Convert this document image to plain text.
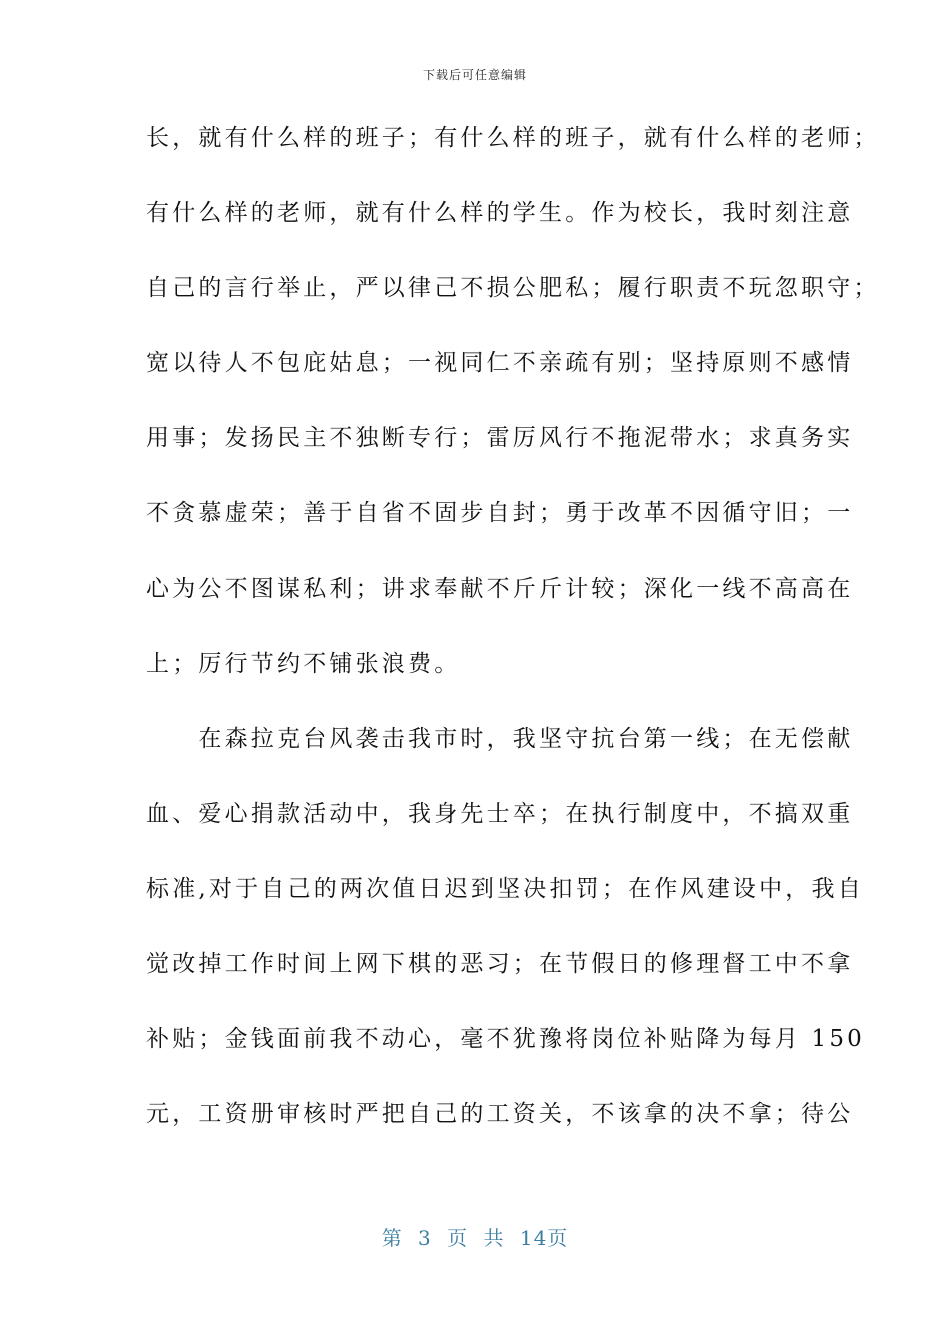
下载后可任意编辑
长，就有什么样的班子；有什么样的班子，就有什么样的老师；
有什么样的老师，就有什么样的学生。作为校长，我时刻注意
自己的言行举止，严以律己不损公肥私；履行职责不玩忽职守；
宽以待人不包庇姑息；一视同仁不亲疏有别；坚持原则不感情
用事；发扬民主不独断专行；雷厉风行不拖泥带水；求真务实
不贪慕虚荣；善于自省不固步自封；勇于改革不因循守旧；一
心为公不图谋私利；讲求奉献不斤斤计较；深化一线不高高在
上；厉行节约不铺张浪费。
　　在森拉克台风袭击我市时，我坚守抗台第一线；在无偿献
血、爱心捐款活动中，我身先士卒；在执行制度中，不搞双重
标准,对于自己的两次值日迟到坚决扣罚；在作风建设中，我自
觉改掉工作时间上网下棋的恶习；在节假日的修理督工中不拿
补贴；金钱面前我不动心，毫不犹豫将岗位补贴降为每月 150
元，工资册审核时严把自己的工资关，不该拿的决不拿；待公
第 3 页 共 14页
